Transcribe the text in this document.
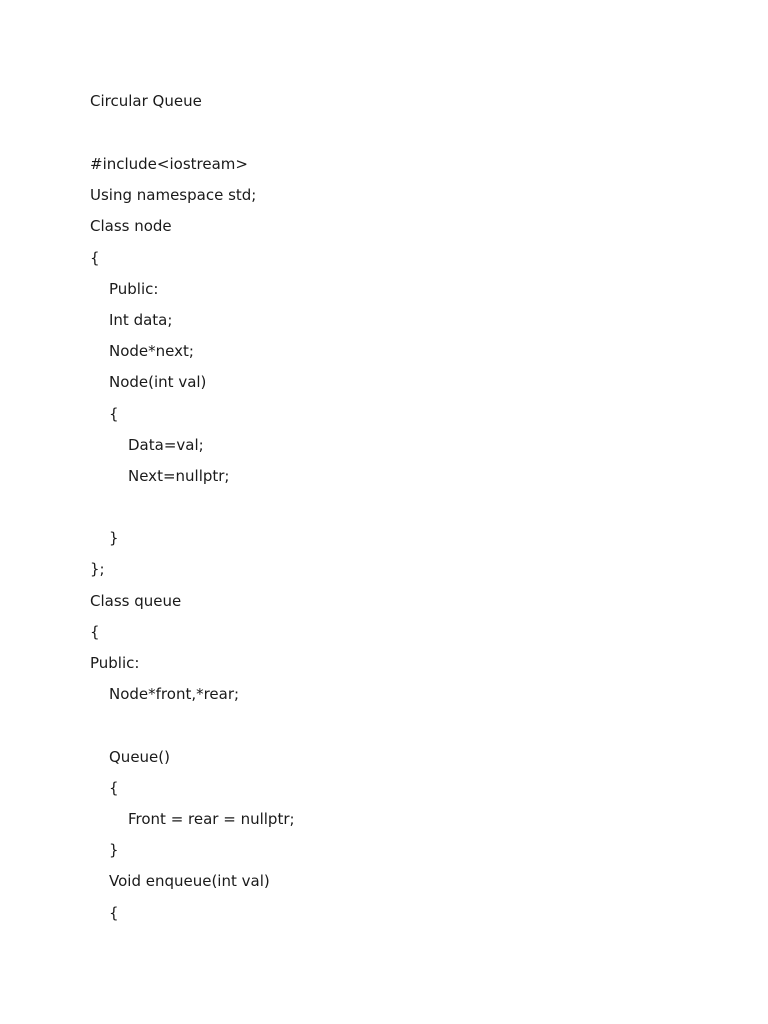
Circular Queue
#include<iostream>
Using namespace std;
Class node
{
Public:
Int data;
Node*next;
Node(int val)
{
Data=val;
Next=nullptr;
}
};
Class queue
{
Public:
Node*front,*rear;
Queue()
{
Front = rear = nullptr;
}
Void enqueue(int val)
{
